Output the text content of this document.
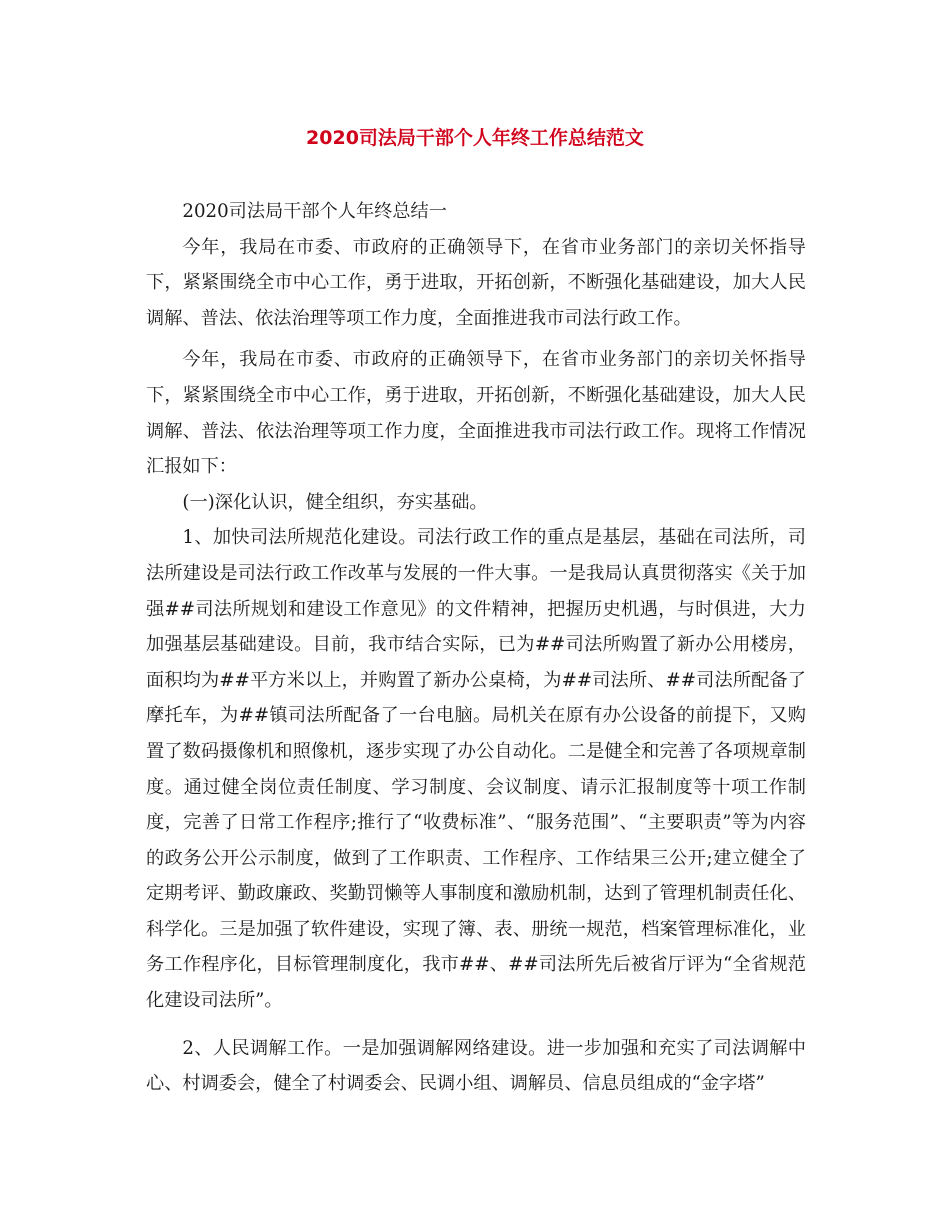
2020司法局干部个人年终工作总结范文

2020司法局干部个人年终总结一

今年，我局在市委、市政府的正确领导下，在省市业务部门的亲切关怀指导下，紧紧围绕全市中心工作，勇于进取，开拓创新，不断强化基础建设，加大人民调解、普法、依法治理等项工作力度，全面推进我市司法行政工作。

今年，我局在市委、市政府的正确领导下，在省市业务部门的亲切关怀指导下，紧紧围绕全市中心工作，勇于进取，开拓创新，不断强化基础建设，加大人民调解、普法、依法治理等项工作力度，全面推进我市司法行政工作。现将工作情况汇报如下：

(一)深化认识，健全组织，夯实基础。

1、加快司法所规范化建设。司法行政工作的重点是基层，基础在司法所，司法所建设是司法行政工作改革与发展的一件大事。一是我局认真贯彻落实《关于加强##司法所规划和建设工作意见》的文件精神，把握历史机遇，与时俱进，大力加强基层基础建设。目前，我市结合实际，已为##司法所购置了新办公用楼房，面积均为##平方米以上，并购置了新办公桌椅，为##司法所、##司法所配备了摩托车，为##镇司法所配备了一台电脑。局机关在原有办公设备的前提下，又购置了数码摄像机和照像机，逐步实现了办公自动化。二是健全和完善了各项规章制度。通过健全岗位责任制度、学习制度、会议制度、请示汇报制度等十项工作制度，完善了日常工作程序;推行了“收费标准”、“服务范围”、“主要职责”等为内容的政务公开公示制度，做到了工作职责、工作程序、工作结果三公开;建立健全了定期考评、勤政廉政、奖勤罚懒等人事制度和激励机制，达到了管理机制责任化、科学化。三是加强了软件建设，实现了簿、表、册统一规范，档案管理标准化，业务工作程序化，目标管理制度化，我市##、##司法所先后被省厅评为“全省规范化建设司法所”。

2、人民调解工作。一是加强调解网络建设。进一步加强和充实了司法调解中心、村调委会，健全了村调委会、民调小组、调解员、信息员组成的“金字塔”
